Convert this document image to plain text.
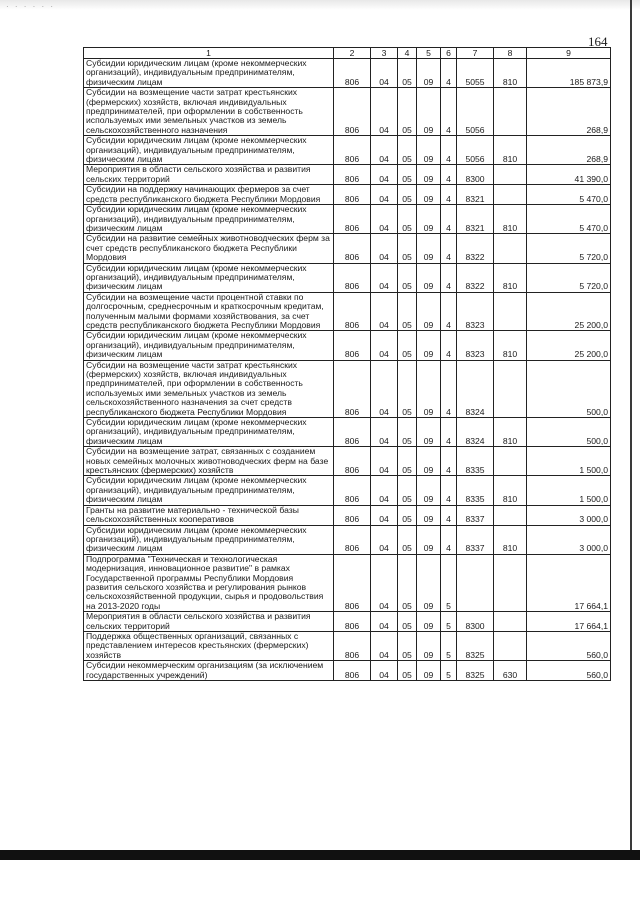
· · · · · ·
164
1	2	3	4	5	6	7	8	9
Субсидии юридическим лицам (кроме некоммерческих организаций), индивидуальным предпринимателям, физическим лицам	806	04	05	09	4	5055	810	185 873,9
Субсидии на возмещение части затрат крестьянских (фермерских) хозяйств, включая индивидуальных предпринимателей, при оформлении в собственность используемых ими земельных участков из земель сельскохозяйственного назначения	806	04	05	09	4	5056		268,9
Субсидии юридическим лицам (кроме некоммерческих организаций), индивидуальным предпринимателям, физическим лицам	806	04	05	09	4	5056	810	268,9
Мероприятия в области сельского хозяйства и развития сельских территорий	806	04	05	09	4	8300		41 390,0
Субсидии на поддержку начинающих фермеров за счет средств республиканского бюджета Республики Мордовия	806	04	05	09	4	8321		5 470,0
Субсидии юридическим лицам (кроме некоммерческих организаций), индивидуальным предпринимателям, физическим лицам	806	04	05	09	4	8321	810	5 470,0
Субсидии на развитие семейных животноводческих ферм за счет средств республиканского бюджета Республики Мордовия	806	04	05	09	4	8322		5 720,0
Субсидии юридическим лицам (кроме некоммерческих организаций), индивидуальным предпринимателям, физическим лицам	806	04	05	09	4	8322	810	5 720,0
Субсидии на возмещение части процентной ставки по долгосрочным, среднесрочным и краткосрочным кредитам, полученным малыми формами хозяйствования, за счет средств республиканского бюджета Республики Мордовия	806	04	05	09	4	8323		25 200,0
Субсидии юридическим лицам (кроме некоммерческих организаций), индивидуальным предпринимателям, физическим лицам	806	04	05	09	4	8323	810	25 200,0
Субсидии на возмещение части затрат крестьянских (фермерских) хозяйств, включая индивидуальных предпринимателей, при оформлении в собственность используемых ими земельных участков из земель сельскохозяйственного назначения за счет средств республиканского бюджета Республики Мордовия	806	04	05	09	4	8324		500,0
Субсидии юридическим лицам (кроме некоммерческих организаций), индивидуальным предпринимателям, физическим лицам	806	04	05	09	4	8324	810	500,0
Субсидии на возмещение затрат, связанных с созданием новых семейных молочных животноводческих ферм на базе крестьянских (фермерских) хозяйств	806	04	05	09	4	8335		1 500,0
Субсидии юридическим лицам (кроме некоммерческих организаций), индивидуальным предпринимателям, физическим лицам	806	04	05	09	4	8335	810	1 500,0
Гранты на развитие материально - технической базы сельскохозяйственных кооперативов	806	04	05	09	4	8337		3 000,0
Субсидии юридическим лицам (кроме некоммерческих организаций), индивидуальным предпринимателям, физическим лицам	806	04	05	09	4	8337	810	3 000,0
Подпрограмма "Техническая и технологическая модернизация, инновационное развитие" в рамках Государственной программы Республики Мордовия развития сельского хозяйства и регулирования рынков сельскохозяйственной продукции, сырья и продовольствия на 2013-2020 годы	806	04	05	09	5			17 664,1
Мероприятия в области сельского хозяйства и развития сельских территорий	806	04	05	09	5	8300		17 664,1
Поддержка общественных организаций, связанных с представлением интересов крестьянских (фермерских) хозяйств	806	04	05	09	5	8325		560,0
Субсидии некоммерческим организациям (за исключением государственных учреждений)	806	04	05	09	5	8325	630	560,0
